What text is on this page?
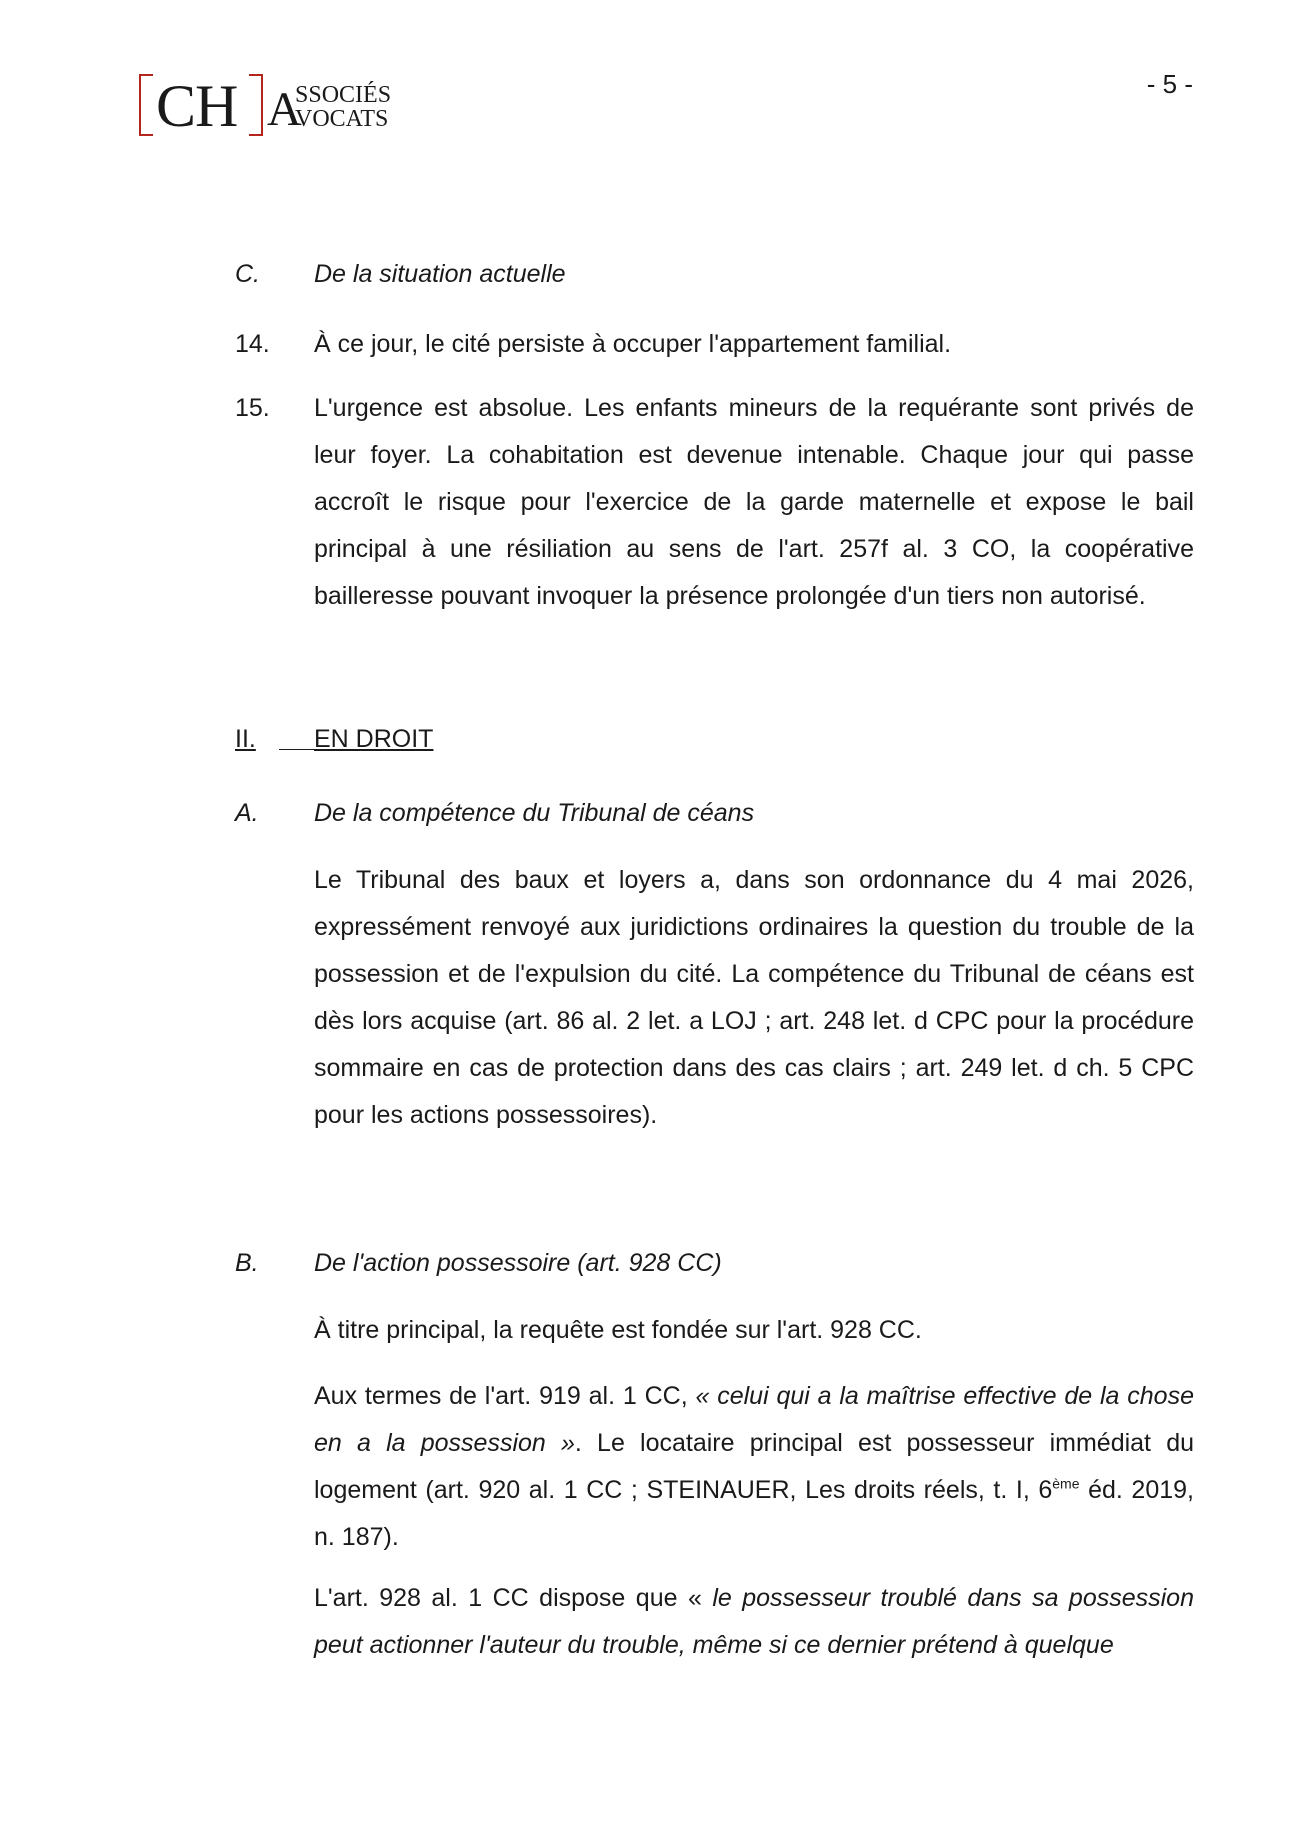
CH A
SSOCIÉS
VOCATS
- 5 -
C.	De la situation actuelle
14.	À ce jour, le cité persiste à occuper l'appartement familial.
15.	L'urgence est absolue. Les enfants mineurs de la requérante sont privés de leur foyer. La cohabitation est devenue intenable. Chaque jour qui passe accroît le risque pour l'exercice de la garde maternelle et expose le bail principal à une résiliation au sens de l'art. 257f al. 3 CO, la coopérative bailleresse pouvant invoquer la présence prolongée d'un tiers non autorisé.
II.	EN DROIT
A.	De la compétence du Tribunal de céans
Le Tribunal des baux et loyers a, dans son ordonnance du 4 mai 2026, expressément renvoyé aux juridictions ordinaires la question du trouble de la possession et de l'expulsion du cité. La compétence du Tribunal de céans est dès lors acquise (art. 86 al. 2 let. a LOJ ; art. 248 let. d CPC pour la procédure sommaire en cas de protection dans des cas clairs ; art. 249 let. d ch. 5 CPC pour les actions possessoires).
B.	De l'action possessoire (art. 928 CC)
À titre principal, la requête est fondée sur l'art. 928 CC.
Aux termes de l'art. 919 al. 1 CC, « celui qui a la maîtrise effective de la chose en a la possession ». Le locataire principal est possesseur immédiat du logement (art. 920 al. 1 CC ; STEINAUER, Les droits réels, t. I, 6ème éd. 2019, n. 187).
L'art. 928 al. 1 CC dispose que « le possesseur troublé dans sa possession peut actionner l'auteur du trouble, même si ce dernier prétend à quelque
